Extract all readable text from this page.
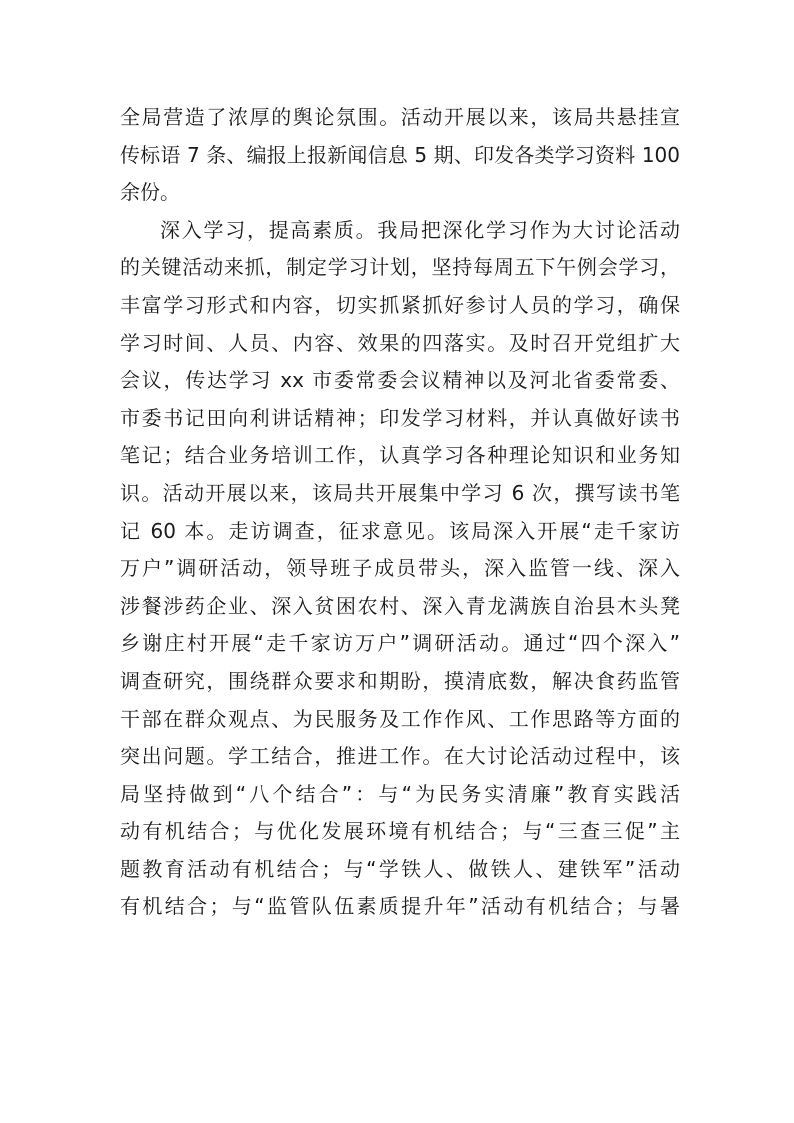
全局营造了浓厚的舆论氛围。活动开展以来，该局共悬挂宣
传标语 7 条、编报上报新闻信息 5 期、印发各类学习资料 100
余份。
深入学习，提高素质。我局把深化学习作为大讨论活动
的关键活动来抓，制定学习计划，坚持每周五下午例会学习，
丰富学习形式和内容，切实抓紧抓好参讨人员的学习，确保
学习时间、人员、内容、效果的四落实。及时召开党组扩大
会议，传达学习 xx 市委常委会议精神以及河北省委常委、
市委书记田向利讲话精神；印发学习材料，并认真做好读书
笔记；结合业务培训工作，认真学习各种理论知识和业务知
识。活动开展以来，该局共开展集中学习 6 次，撰写读书笔
记 60 本。走访调查，征求意见。该局深入开展“走千家访
万户”调研活动，领导班子成员带头，深入监管一线、深入
涉餐涉药企业、深入贫困农村、深入青龙满族自治县木头凳
乡谢庄村开展“走千家访万户”调研活动。通过“四个深入”
调查研究，围绕群众要求和期盼，摸清底数，解决食药监管
干部在群众观点、为民服务及工作作风、工作思路等方面的
突出问题。学工结合，推进工作。在大讨论活动过程中，该
局坚持做到“八个结合”：与“为民务实清廉”教育实践活
动有机结合；与优化发展环境有机结合；与“三查三促”主
题教育活动有机结合；与“学铁人、做铁人、建铁军”活动
有机结合；与“监管队伍素质提升年”活动有机结合；与暑
